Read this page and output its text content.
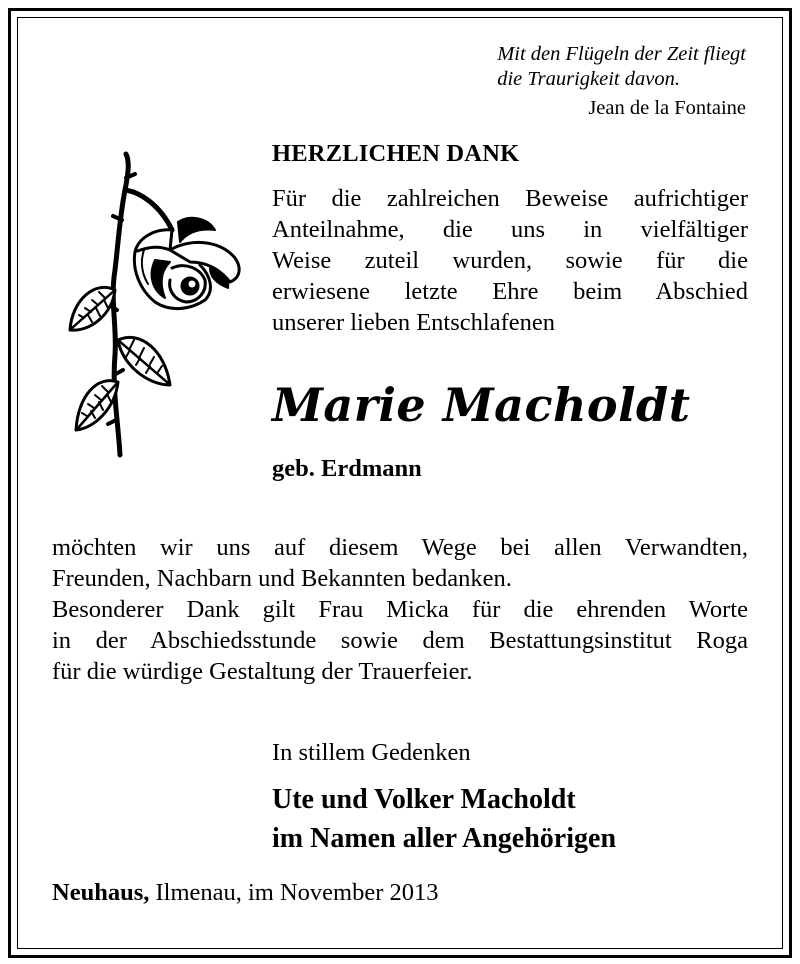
Mit den Flügeln der Zeit fliegt
die Traurigkeit davon.
Jean de la Fontaine
HERZLICHEN DANK
Für die zahlreichen Beweise aufrichtiger
Anteilnahme, die uns in vielfältiger
Weise zuteil wurden, sowie für die
erwiesene letzte Ehre beim Abschied
unserer lieben Entschlafenen
Marie Macholdt
geb. Erdmann
möchten wir uns auf diesem Wege bei allen Verwandten,
Freunden, Nachbarn und Bekannten bedanken.
Besonderer Dank gilt Frau Micka für die ehrenden Worte
in der Abschiedsstunde sowie dem Bestattungsinstitut Roga
für die würdige Gestaltung der Trauerfeier.
In stillem Gedenken
Ute und Volker Macholdt
im Namen aller Angehörigen
Neuhaus, Ilmenau, im November 2013
